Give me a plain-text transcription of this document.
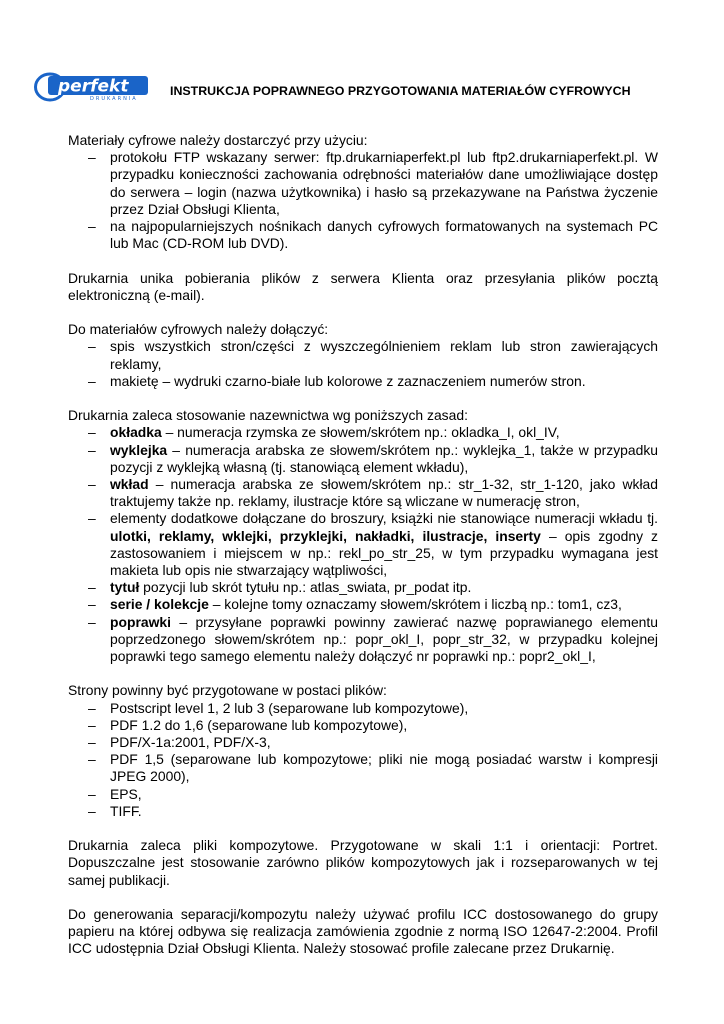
perfekt
DRUKARNIA
INSTRUKCJA POPRAWNEGO PRZYGOTOWANIA MATERIAŁÓW CYFROWYCH
Materiały cyfrowe należy dostarczyć przy użyciu:
– protokołu FTP wskazany serwer: ftp.drukarniaperfekt.pl lub ftp2.drukarniaperfekt.pl. W przypadku konieczności zachowania odrębności materiałów dane umożliwiające dostęp do serwera – login (nazwa użytkownika) i hasło są przekazywane na Państwa życzenie przez Dział Obsługi Klienta,
– na najpopularniejszych nośnikach danych cyfrowych formatowanych na systemach PC lub Mac (CD-ROM lub DVD).
Drukarnia unika pobierania plików z serwera Klienta oraz przesyłania plików pocztą elektroniczną (e-mail).
Do materiałów cyfrowych należy dołączyć:
– spis wszystkich stron/części z wyszczególnieniem reklam lub stron zawierających reklamy,
– makietę – wydruki czarno-białe lub kolorowe z zaznaczeniem numerów stron.
Drukarnia zaleca stosowanie nazewnictwa wg poniższych zasad:
– okładka – numeracja rzymska ze słowem/skrótem np.: okladka_I, okl_IV,
– wyklejka – numeracja arabska ze słowem/skrótem np.: wyklejka_1, także w przypadku pozycji z wyklejką własną (tj. stanowiącą element wkładu),
– wkład – numeracja arabska ze słowem/skrótem np.: str_1-32, str_1-120, jako wkład traktujemy także np. reklamy, ilustracje które są wliczane w numerację stron,
– elementy dodatkowe dołączane do broszury, książki nie stanowiące numeracji wkładu tj. ulotki, reklamy, wklejki, przyklejki, nakładki, ilustracje, inserty – opis zgodny z zastosowaniem i miejscem w np.: rekl_po_str_25, w tym przypadku wymagana jest makieta lub opis nie stwarzający wątpliwości,
– tytuł pozycji lub skrót tytułu np.: atlas_swiata, pr_podat itp.
– serie / kolekcje – kolejne tomy oznaczamy słowem/skrótem i liczbą np.: tom1, cz3,
– poprawki – przysyłane poprawki powinny zawierać nazwę poprawianego elementu poprzedzonego słowem/skrótem np.: popr_okl_I, popr_str_32, w przypadku kolejnej poprawki tego samego elementu należy dołączyć nr poprawki np.: popr2_okl_I,
Strony powinny być przygotowane w postaci plików:
– Postscript level 1, 2 lub 3 (separowane lub kompozytowe),
– PDF 1.2 do 1,6 (separowane lub kompozytowe),
– PDF/X-1a:2001, PDF/X-3,
– PDF 1,5 (separowane lub kompozytowe; pliki nie mogą posiadać warstw i kompresji JPEG 2000),
– EPS,
– TIFF.
Drukarnia zaleca pliki kompozytowe. Przygotowane w skali 1:1 i orientacji: Portret. Dopuszczalne jest stosowanie zarówno plików kompozytowych jak i rozseparowanych w tej samej publikacji.
Do generowania separacji/kompozytu należy używać profilu ICC dostosowanego do grupy papieru na której odbywa się realizacja zamówienia zgodnie z normą ISO 12647-2:2004. Profil ICC udostępnia Dział Obsługi Klienta. Należy stosować profile zalecane przez Drukarnię.
